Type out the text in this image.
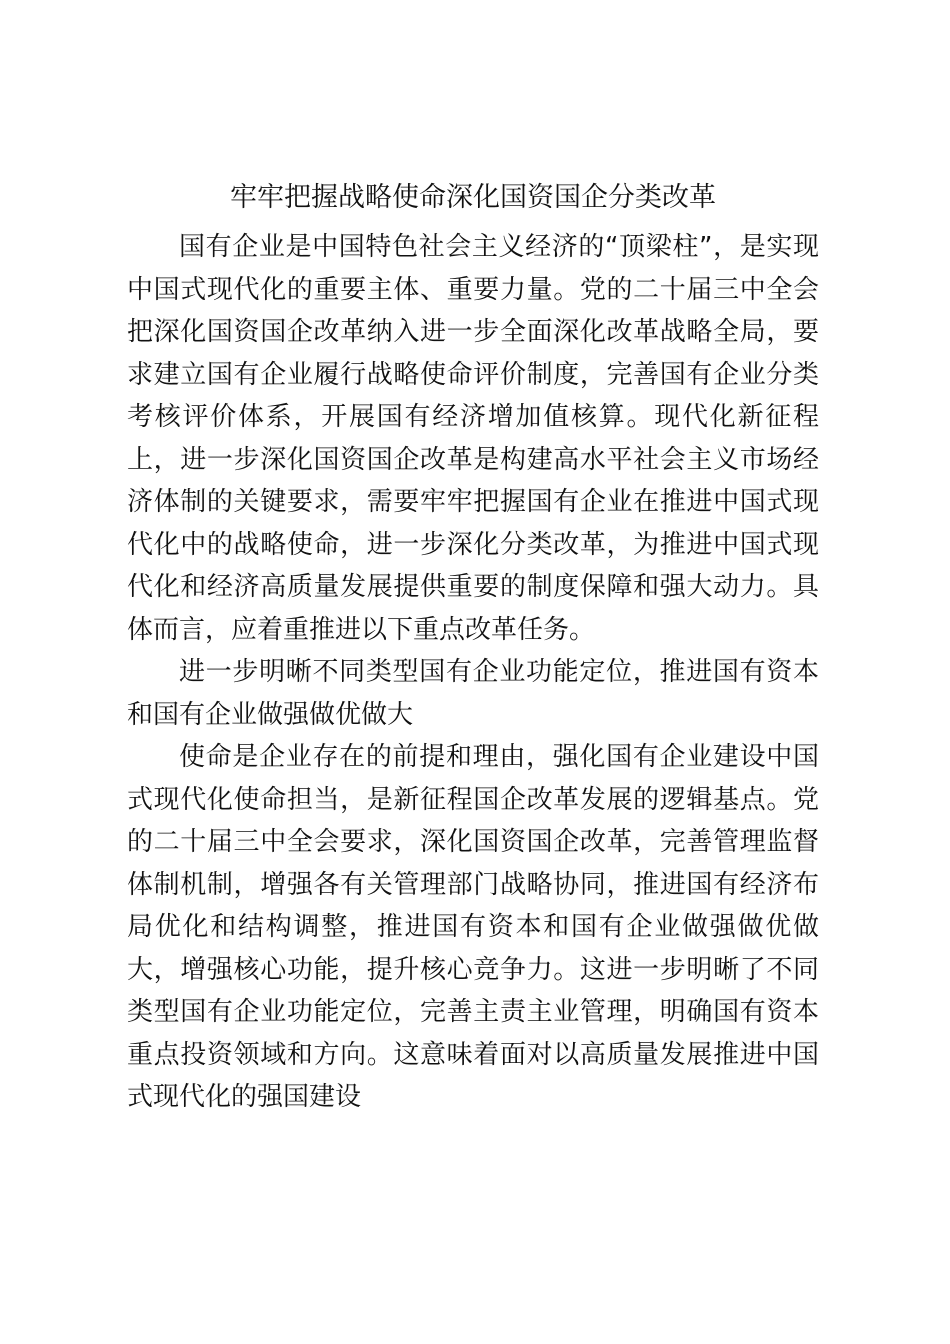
牢牢把握战略使命深化国资国企分类改革

国有企业是中国特色社会主义经济的“顶梁柱”，是实现中国式现代化的重要主体、重要力量。党的二十届三中全会把深化国资国企改革纳入进一步全面深化改革战略全局，要求建立国有企业履行战略使命评价制度，完善国有企业分类考核评价体系，开展国有经济增加值核算。现代化新征程上，进一步深化国资国企改革是构建高水平社会主义市场经济体制的关键要求，需要牢牢把握国有企业在推进中国式现代化中的战略使命，进一步深化分类改革，为推进中国式现代化和经济高质量发展提供重要的制度保障和强大动力。具体而言，应着重推进以下重点改革任务。

进一步明晰不同类型国有企业功能定位，推进国有资本和国有企业做强做优做大

使命是企业存在的前提和理由，强化国有企业建设中国式现代化使命担当，是新征程国企改革发展的逻辑基点。党的二十届三中全会要求，深化国资国企改革，完善管理监督体制机制，增强各有关管理部门战略协同，推进国有经济布局优化和结构调整，推进国有资本和国有企业做强做优做大，增强核心功能，提升核心竞争力。这进一步明晰了不同类型国有企业功能定位，完善主责主业管理，明确国有资本重点投资领域和方向。这意味着面对以高质量发展推进中国式现代化的强国建设
